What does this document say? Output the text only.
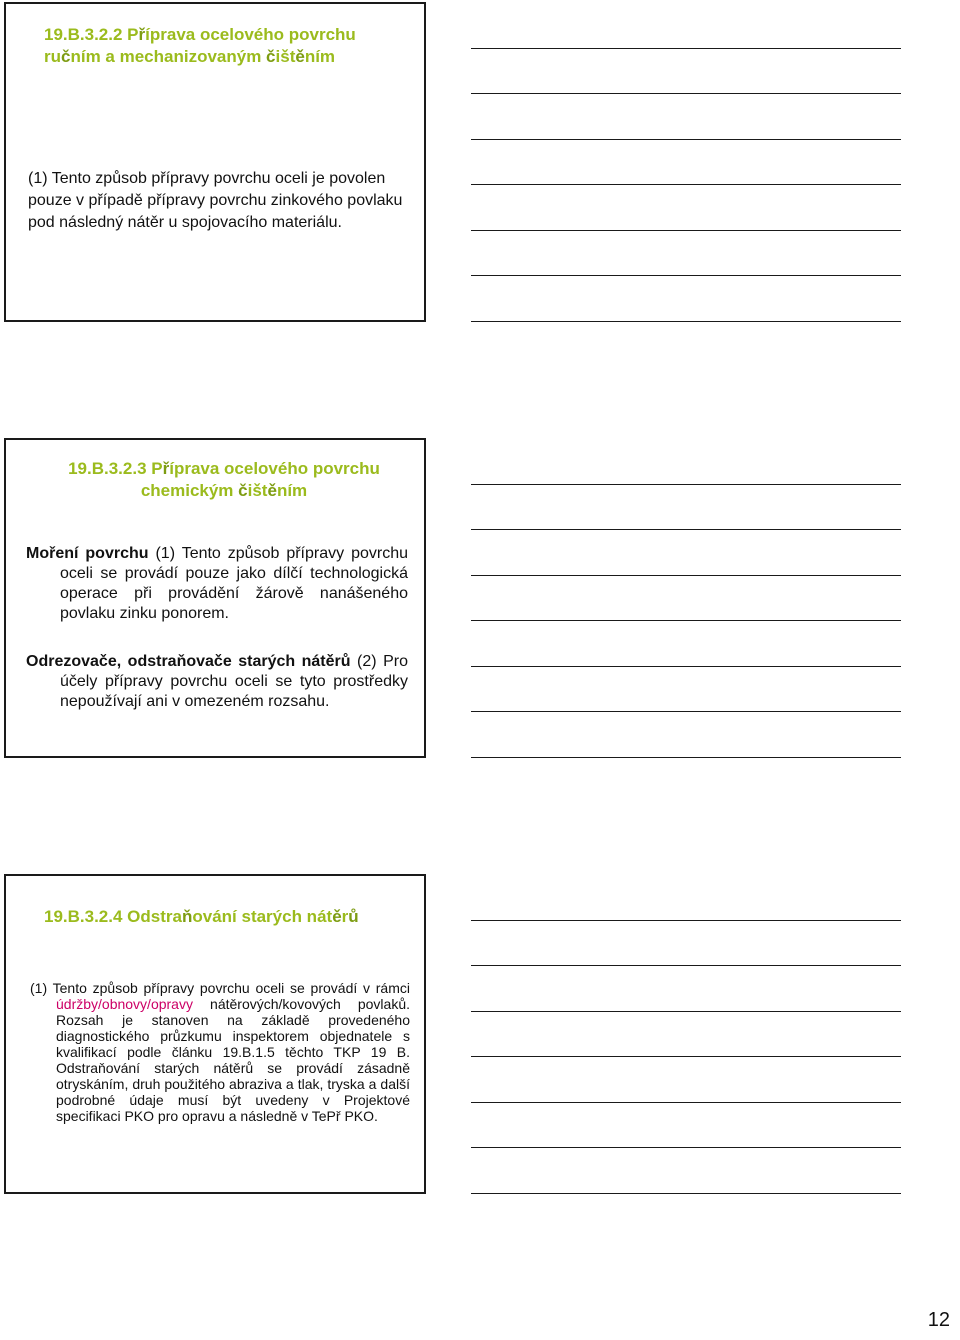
19.B.3.2.2 Příprava ocelového povrchu ručním a mechanizovaným čištěním
(1) Tento způsob přípravy povrchu oceli je povolen pouze v případě přípravy povrchu zinkového povlaku pod následný nátěr u spojovacího materiálu.
19.B.3.2.3 Příprava ocelového povrchu chemickým čištěním
Moření povrchu (1) Tento způsob přípravy povrchu oceli se provádí pouze jako dílčí technologická operace při provádění žárově nanášeného povlaku zinku ponorem.
Odrezovače, odstraňovače starých nátěrů (2) Pro účely přípravy povrchu oceli se tyto prostředky nepoužívají ani v omezeném rozsahu.
19.B.3.2.4 Odstraňování starých nátěrů
(1) Tento způsob přípravy povrchu oceli se provádí v rámci údržby/obnovy/opravy nátěrových/kovových povlaků. Rozsah je stanoven na základě provedeného diagnostického průzkumu inspektorem objednatele s kvalifikací podle článku 19.B.1.5 těchto TKP 19 B. Odstraňování starých nátěrů se provádí zásadně otryskáním, druh použitého abraziva a tlak, tryska a další podrobné údaje musí být uvedeny v Projektové specifikaci PKO pro opravu a následně v TePř PKO.
12
